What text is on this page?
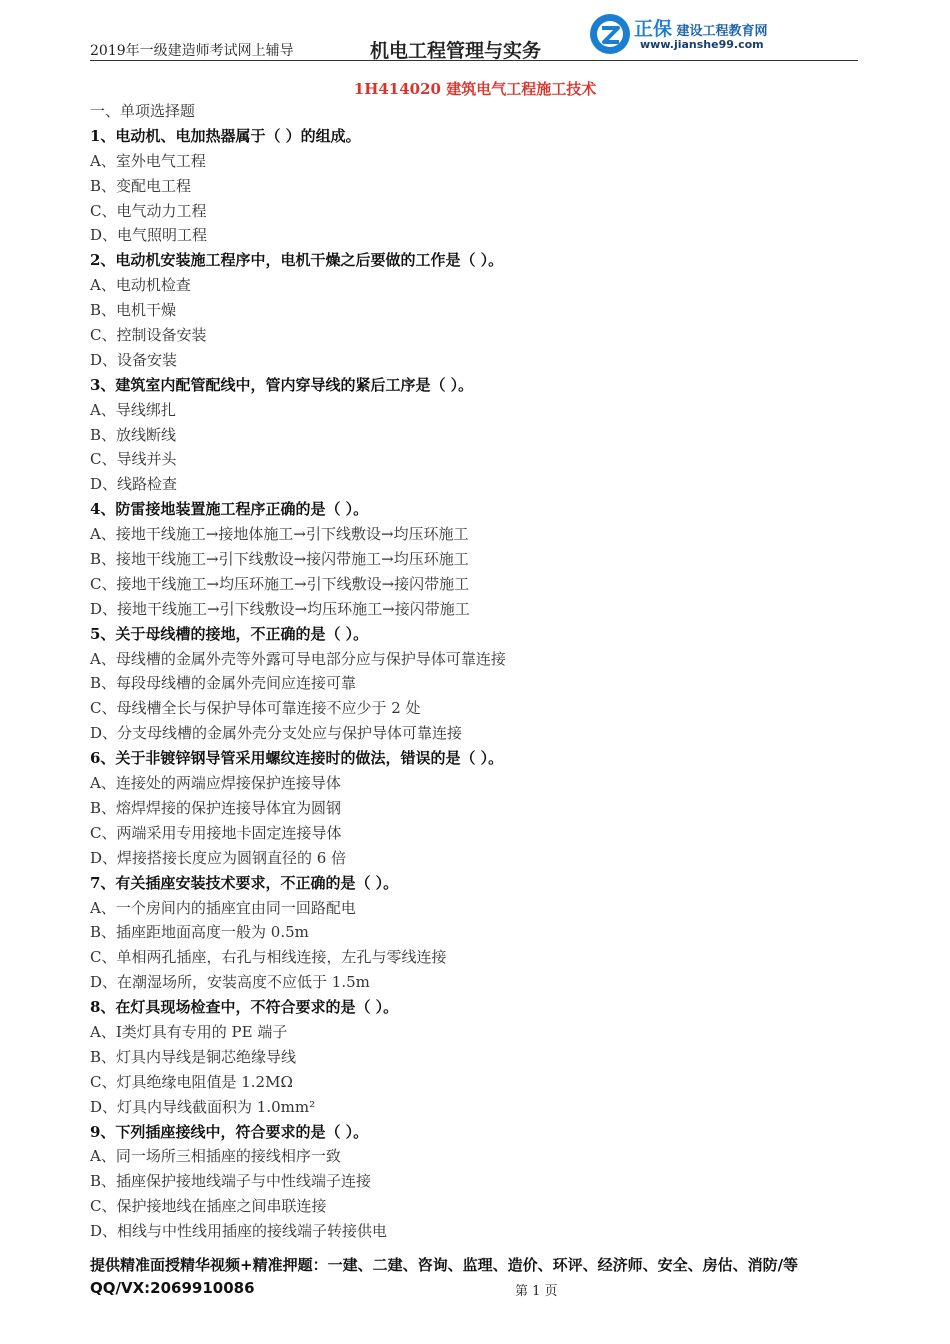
2019年一级建造师考试网上辅导	机电工程管理与实务
正保 建设工程教育网
www.jianshe99.com
1H414020 建筑电气工程施工技术
一、单项选择题
1、电动机、电加热器属于（ ）的组成。
A、室外电气工程
B、变配电工程
C、电气动力工程
D、电气照明工程
2、电动机安装施工程序中，电机干燥之后要做的工作是（ ）。
A、电动机检查
B、电机干燥
C、控制设备安装
D、设备安装
3、建筑室内配管配线中，管内穿导线的紧后工序是（ ）。
A、导线绑扎
B、放线断线
C、导线并头
D、线路检查
4、防雷接地装置施工程序正确的是（ ）。
A、接地干线施工→接地体施工→引下线敷设→均压环施工
B、接地干线施工→引下线敷设→接闪带施工→均压环施工
C、接地干线施工→均压环施工→引下线敷设→接闪带施工
D、接地干线施工→引下线敷设→均压环施工→接闪带施工
5、关于母线槽的接地，不正确的是（ ）。
A、母线槽的金属外壳等外露可导电部分应与保护导体可靠连接
B、每段母线槽的金属外壳间应连接可靠
C、母线槽全长与保护导体可靠连接不应少于 2 处
D、分支母线槽的金属外壳分支处应与保护导体可靠连接
6、关于非镀锌钢导管采用螺纹连接时的做法，错误的是（ ）。
A、连接处的两端应焊接保护连接导体
B、熔焊焊接的保护连接导体宜为圆钢
C、两端采用专用接地卡固定连接导体
D、焊接搭接长度应为圆钢直径的 6 倍
7、有关插座安装技术要求，不正确的是（ ）。
A、一个房间内的插座宜由同一回路配电
B、插座距地面高度一般为 0.5m
C、单相两孔插座，右孔与相线连接，左孔与零线连接
D、在潮湿场所，安装高度不应低于 1.5m
8、在灯具现场检查中，不符合要求的是（ ）。
A、Ⅰ类灯具有专用的 PE 端子
B、灯具内导线是铜芯绝缘导线
C、灯具绝缘电阻值是 1.2MΩ
D、灯具内导线截面积为 1.0mm²
9、下列插座接线中，符合要求的是（ ）。
A、同一场所三相插座的接线相序一致
B、插座保护接地线端子与中性线端子连接
C、保护接地线在插座之间串联连接
D、相线与中性线用插座的接线端子转接供电
提供精准面授精华视频+精准押题：一建、二建、咨询、监理、造价、环评、经济师、安全、房估、消防/等
QQ/VX:2069910086	第 1 页
